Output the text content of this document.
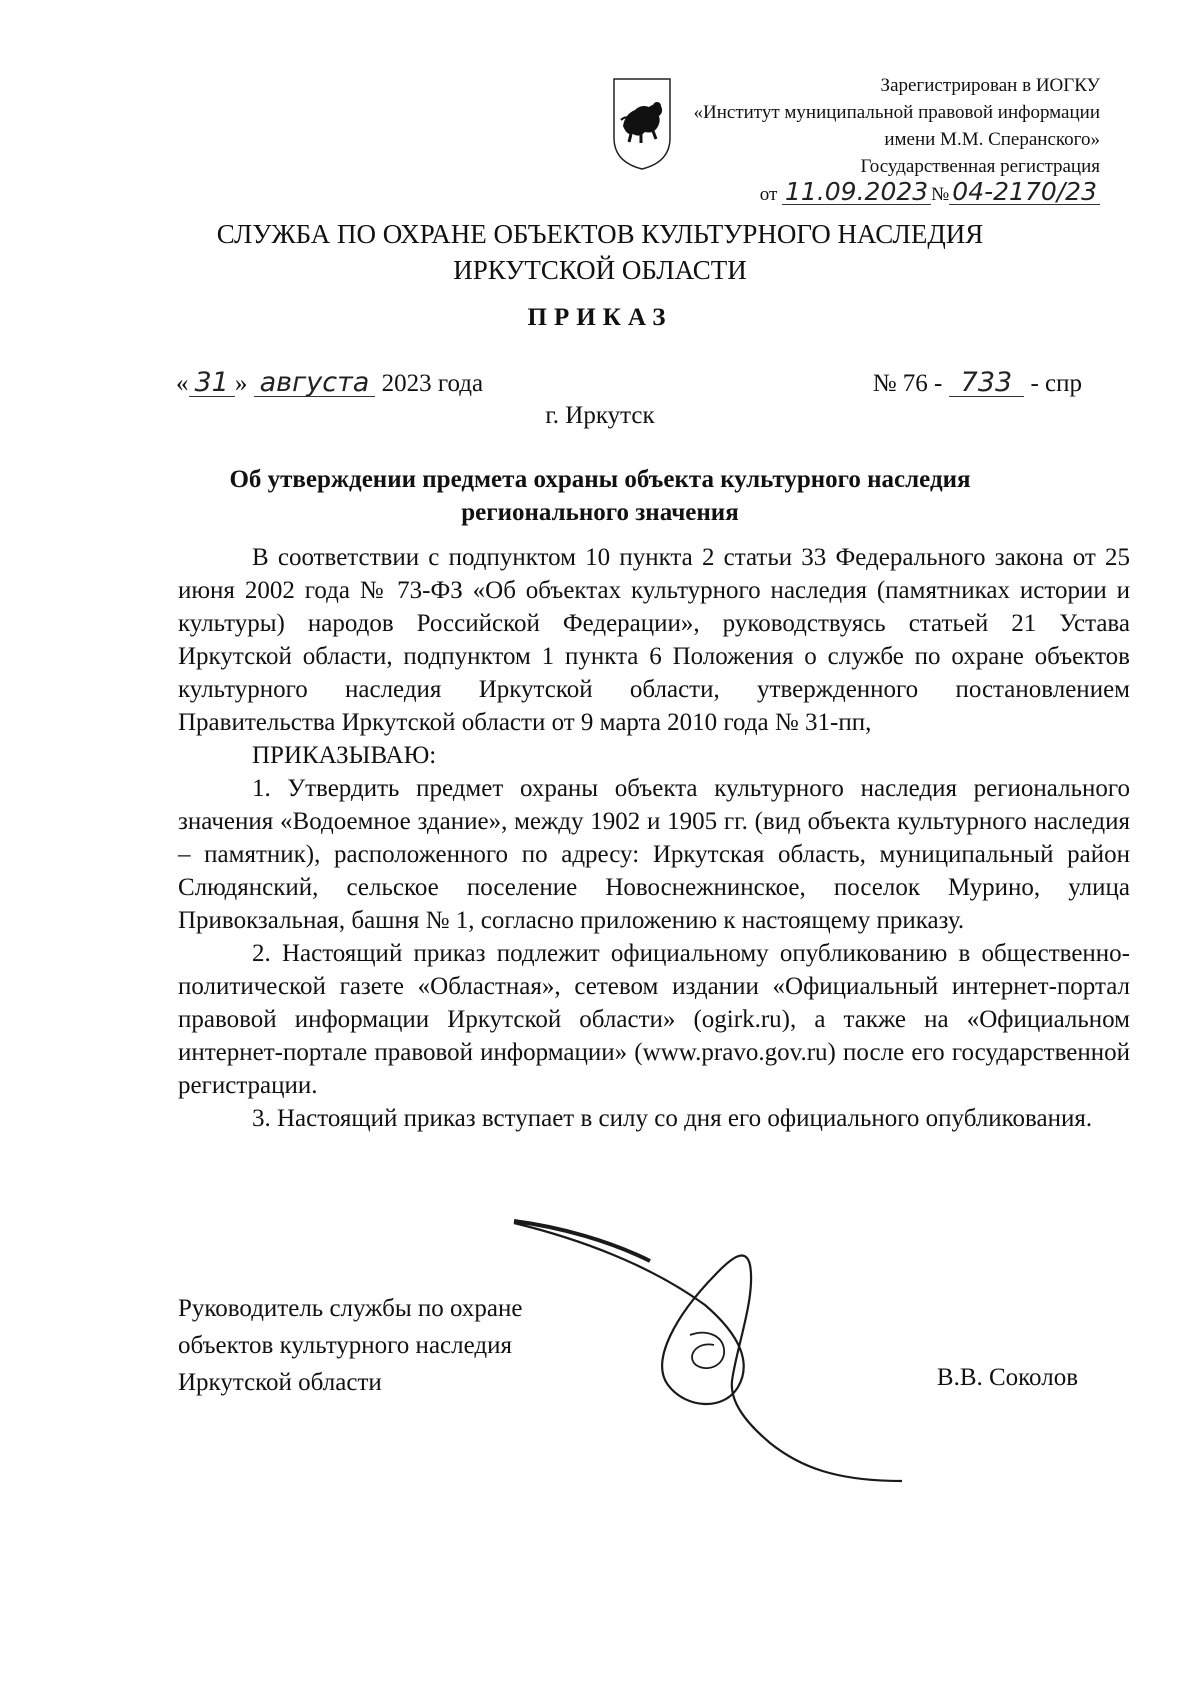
Зарегистрирован в ИОГКУ
«Институт муниципальной правовой информации
имени М.М. Сперанского»
Государственная регистрация
от 11.09.2023 № 04-2170/23
СЛУЖБА ПО ОХРАНЕ ОБЪЕКТОВ КУЛЬТУРНОГО НАСЛЕДИЯ
ИРКУТСКОЙ ОБЛАСТИ
ПРИКАЗ
« 31 » августа 2023 года	№ 76 - 733 - спр
г. Иркутск
Об утверждении предмета охраны объекта культурного наследия
регионального значения

В соответствии с подпунктом 10 пункта 2 статьи 33 Федерального закона от 25 июня 2002 года № 73-ФЗ «Об объектах культурного наследия (памятниках истории и культуры) народов Российской Федерации», руководствуясь статьей 21 Устава Иркутской области, подпунктом 1 пункта 6 Положения о службе по охране объектов культурного наследия Иркутской области, утвержденного постановлением Правительства Иркутской области от 9 марта 2010 года № 31-пп,

ПРИКАЗЫВАЮ:

1. Утвердить предмет охраны объекта культурного наследия регионального значения «Водоемное здание», между 1902 и 1905 гг. (вид объекта культурного наследия – памятник), расположенного по адресу: Иркутская область, муниципальный район Слюдянский, сельское поселение Новоснежнинское, поселок Мурино, улица Привокзальная, башня № 1, согласно приложению к настоящему приказу.

2. Настоящий приказ подлежит официальному опубликованию в общественно-политической газете «Областная», сетевом издании «Официальный интернет-портал правовой информации Иркутской области» (ogirk.ru), а также на «Официальном интернет-портале правовой информации» (www.pravo.gov.ru) после его государственной регистрации.

3. Настоящий приказ вступает в силу со дня его официального опубликования.

Руководитель службы по охране
объектов культурного наследия
Иркутской области	В.В. Соколов
